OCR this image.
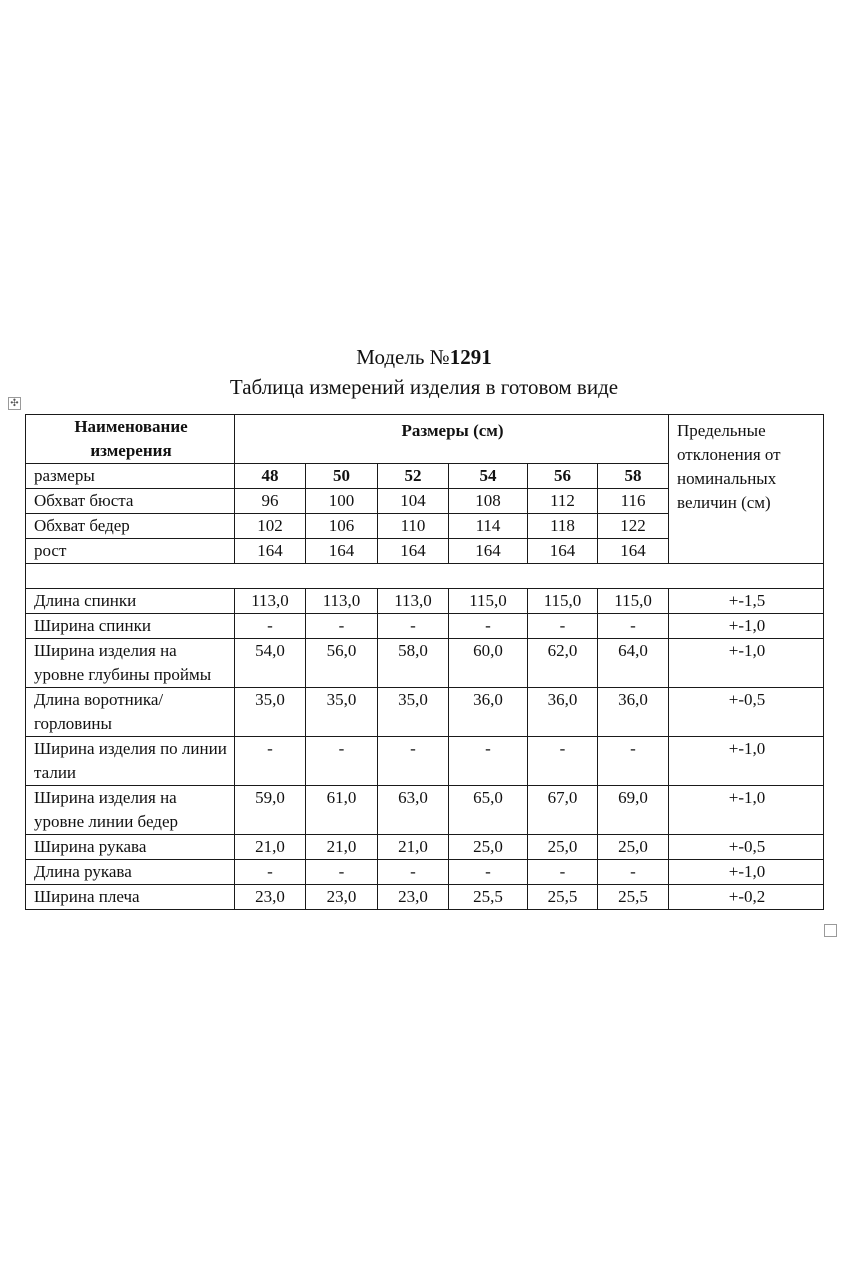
Модель №1291
Таблица измерений изделия в готовом виде
✣
Наименование измерения	Размеры (см)						Предельные отклонения от номинальных величин (см)
размеры	48	50	52	54	56	58	
Обхват бюста	96	100	104	108	112	116	
Обхват бедер	102	106	110	114	118	122	
рост	164	164	164	164	164	164	

Длина спинки	113,0	113,0	113,0	115,0	115,0	115,0	+-1,5
Ширина спинки	-	-	-	-	-	-	+-1,0
Ширина изделия на уровне глубины проймы	54,0	56,0	58,0	60,0	62,0	64,0	+-1,0
Длина воротника/горловины	35,0	35,0	35,0	36,0	36,0	36,0	+-0,5
Ширина изделия по линии талии	-	-	-	-	-	-	+-1,0
Ширина изделия на уровне линии бедер	59,0	61,0	63,0	65,0	67,0	69,0	+-1,0
Ширина рукава	21,0	21,0	21,0	25,0	25,0	25,0	+-0,5
Длина рукава	-	-	-	-	-	-	+-1,0
Ширина плеча	23,0	23,0	23,0	25,5	25,5	25,5	+-0,2
